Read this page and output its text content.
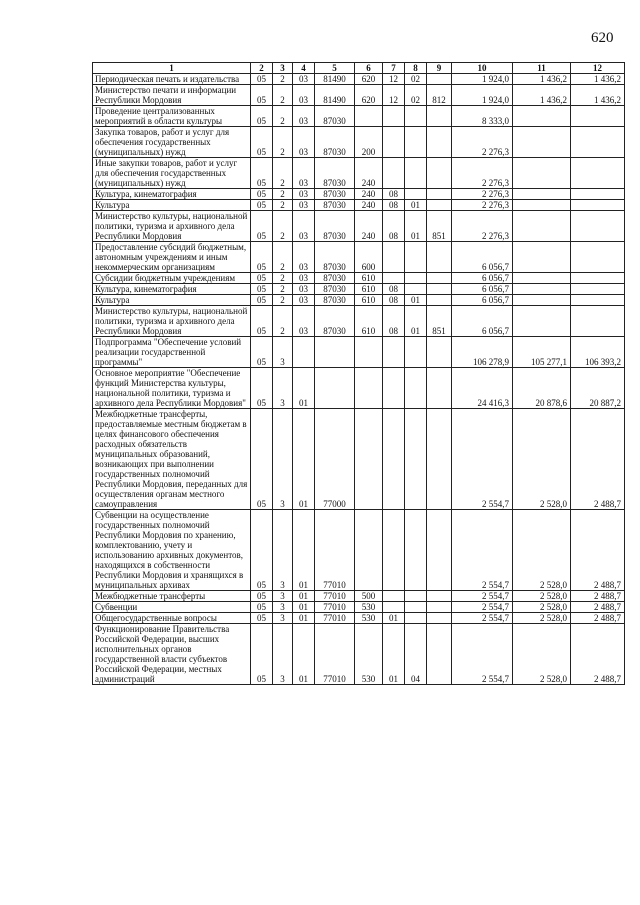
620
1	2	3	4	5	6	7	8	9	10	11	12
Периодическая печать и издательства	05	2	03	81490	620	12	02		1 924,0	1 436,2	1 436,2
Министерство печати и информации Республики Мордовия	05	2	03	81490	620	12	02	812	1 924,0	1 436,2	1 436,2
Проведение централизованных мероприятий в области культуры	05	2	03	87030					8 333,0		
Закупка товаров, работ и услуг для обеспечения государственных (муниципальных) нужд	05	2	03	87030	200				2 276,3		
Иные закупки товаров, работ и услуг для обеспечения государственных (муниципальных) нужд	05	2	03	87030	240				2 276,3		
Культура, кинематография	05	2	03	87030	240	08			2 276,3		
Культура	05	2	03	87030	240	08	01		2 276,3		
Министерство культуры, национальной политики, туризма и архивного дела Республики Мордовия	05	2	03	87030	240	08	01	851	2 276,3		
Предоставление субсидий бюджетным, автономным учреждениям и иным некоммерческим организациям	05	2	03	87030	600				6 056,7		
Субсидии бюджетным учреждениям	05	2	03	87030	610				6 056,7		
Культура, кинематография	05	2	03	87030	610	08			6 056,7		
Культура	05	2	03	87030	610	08	01		6 056,7		
Министерство культуры, национальной политики, туризма и архивного дела Республики Мордовия	05	2	03	87030	610	08	01	851	6 056,7		
Подпрограмма "Обеспечение условий реализации государственной программы"	05	3							106 278,9	105 277,1	106 393,2
Основное мероприятие "Обеспечение функций Министерства культуры, национальной политики, туризма и архивного дела Республики Мордовия"	05	3	01						24 416,3	20 878,6	20 887,2
Межбюджетные трансферты, предоставляемые местным бюджетам в целях финансового обеспечения расходных обязательств муниципальных образований, возникающих при выполнении государственных полномочий Республики Мордовия, переданных для осуществления органам местного самоуправления	05	3	01	77000					2 554,7	2 528,0	2 488,7
Субвенции на осуществление государственных полномочий Республики Мордовия по хранению, комплектованию, учету и использованию архивных документов, находящихся в собственности Республики Мордовия и хранящихся в муниципальных архивах	05	3	01	77010					2 554,7	2 528,0	2 488,7
Межбюджетные трансферты	05	3	01	77010	500				2 554,7	2 528,0	2 488,7
Субвенции	05	3	01	77010	530				2 554,7	2 528,0	2 488,7
Общегосударственные вопросы	05	3	01	77010	530	01			2 554,7	2 528,0	2 488,7
Функционирование Правительства Российской Федерации, высших исполнительных органов государственной власти субъектов Российской Федерации, местных администраций	05	3	01	77010	530	01	04		2 554,7	2 528,0	2 488,7
